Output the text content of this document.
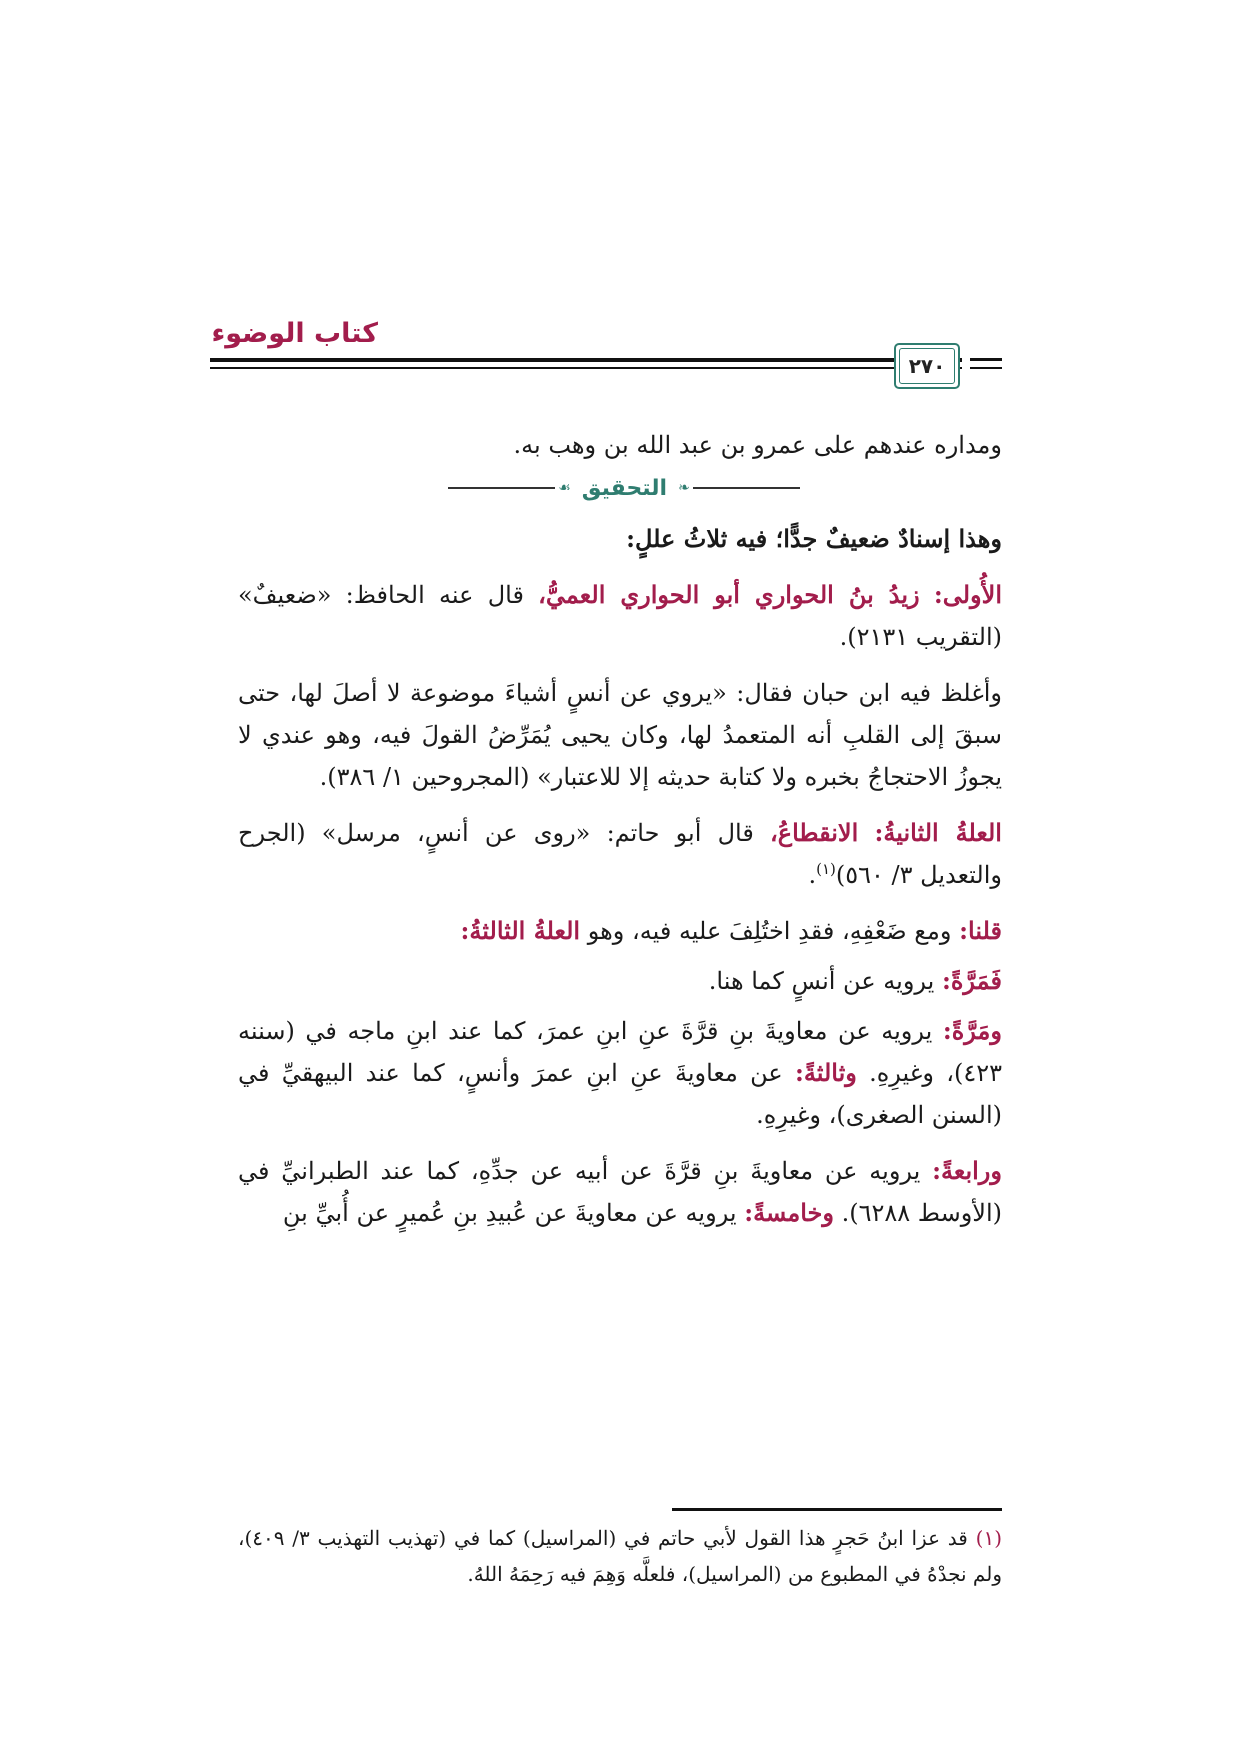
كتاب الوضوء
٢٧٠

ومداره عندهم على عمرو بن عبد الله بن وهب به.

❧
التحقيق
☙

وهذا إسنادٌ ضعيفٌ جدًّا؛ فيه ثلاثُ عللٍ:

الأُولى: زيدُ بنُ الحواري أبو الحواري العميُّ، قال عنه الحافظ: «ضعيفٌ» (التقريب ٢١٣١).

وأغلظ فيه ابن حبان فقال: «يروي عن أنسٍ أشياءَ موضوعة لا أصلَ لها، حتى سبقَ إلى القلبِ أنه المتعمدُ لها، وكان يحيى يُمَرِّضُ القولَ فيه، وهو عندي لا يجوزُ الاحتجاجُ بخبره ولا كتابة حديثه إلا للاعتبار» (المجروحين ١/ ٣٨٦).

العلةُ الثانيةُ: الانقطاعُ، قال أبو حاتم: «روى عن أنسٍ، مرسل» (الجرح والتعديل ٣/ ٥٦٠)$^{(١)}$.

قلنا: ومع ضَعْفِهِ، فقدِ اختُلِفَ عليه فيه، وهو العلةُ الثالثةُ:

فَمَرَّةً: يرويه عن أنسٍ كما هنا.

ومَرَّةً: يرويه عن معاويةَ بنِ قرَّةَ عنِ ابنِ عمرَ، كما عند ابنِ ماجه في (سننه ٤٢٣)، وغيرِهِ. وثالثةً: عن معاويةَ عنِ ابنِ عمرَ وأنسٍ، كما عند البيهقيِّ في (السنن الصغرى)، وغيرِهِ.

ورابعةً: يرويه عن معاويةَ بنِ قرَّةَ عن أبيه عن جدِّهِ، كما عند الطبرانيِّ في (الأوسط ٦٢٨٨). وخامسةً: يرويه عن معاويةَ عن عُبيدِ بنِ عُميرٍ عن أُبيِّ بنِ

(١) قد عزا ابنُ حَجرٍ هذا القول لأبي حاتم في (المراسيل) كما في (تهذيب التهذيب ٣/ ٤٠٩)، ولم نجدْهُ في المطبوع من (المراسيل)، فلعلَّه وَهِمَ فيه رَحِمَهُ اللهُ.
